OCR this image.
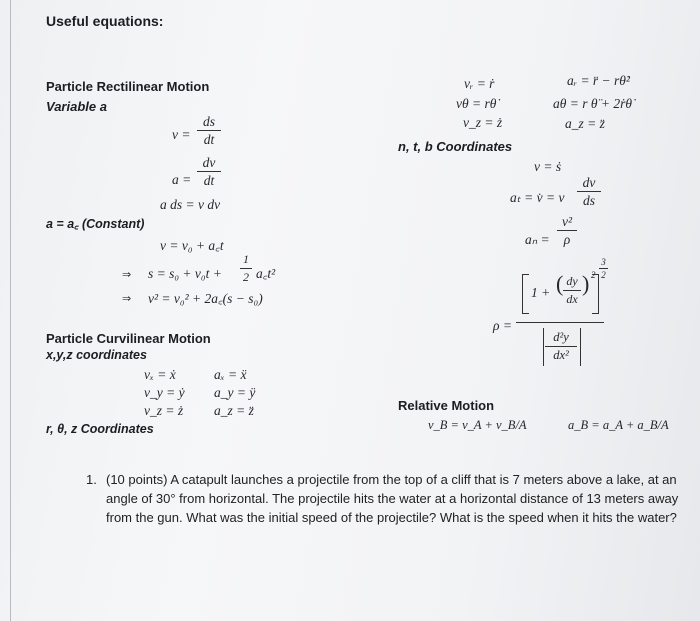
Useful equations:
Particle Rectilinear Motion
Variable a
v =
ds
dt
a =
dv
dt
a ds = v dv
a = a꜀ (Constant)
v = v₀ + a꜀t
⇒ s = s₀ + v₀t +
1
2 a꜀t²
⇒ v² = v₀² + 2a꜀(s − s₀)
vᵣ = ṙ
vθ = rθ̇
v_z = ż
aᵣ = r̈ − rθ̇²
aθ = r θ̈ + 2ṙθ̇
a_z = z̈
n, t, b Coordinates
v = ṡ
aₜ = v̇ = v
dv
ds
aₙ =
v²
ρ
ρ =
1 + ( dy
dx
) 2
3
2
d²y
dx²
Particle Curvilinear Motion
x,y,z coordinates
vₓ = ẋ
v_y = ẏ
v_z = ż
aₓ = ẍ
a_y = ÿ
a_z = z̈
r, θ, z Coordinates
Relative Motion
v_B = v_A + v_B/A	a_B = a_A + a_B/A
1. (10 points) A catapult launches a projectile from the top of a cliff that is 7 meters above a lake, at an angle of 30° from horizontal. The projectile hits the water at a horizontal distance of 13 meters away from the gun. What was the initial speed of the projectile? What is the speed when it hits the water?
